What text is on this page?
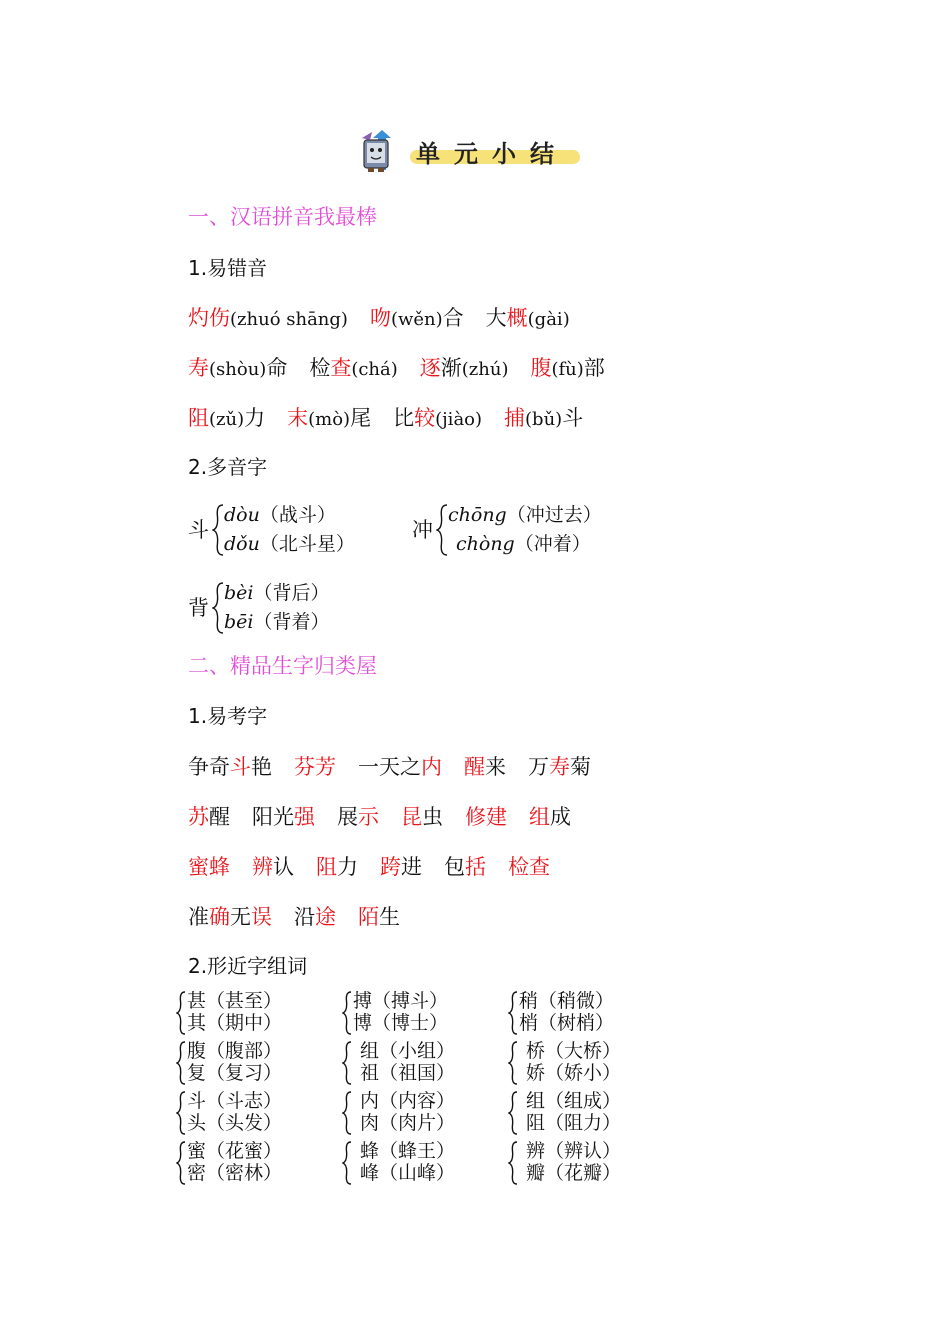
单元小结
一、汉语拼音我最棒
1.易错音
灼伤(zhuó shāng) 吻(wěn)合 大概(gài)
寿(shòu)命 检查(chá) 逐渐(zhú) 腹(fù)部
阻(zǔ)力 末(mò)尾 比较(jiào) 捕(bǔ)斗
2.多音字
斗
dòu（战斗）
dǒu（北斗星）
冲
chōng（冲过去）
chòng（冲着）
背
bèi（背后）
bēi（背着）
二、精品生字归类屋
1.易考字
争奇斗艳 芬芳 一天之内 醒来 万寿菊
苏醒 阳光强 展示 昆虫 修建 组成
蜜蜂 辨认 阻力 跨进 包括 检查
准确无误 沿途 陌生
2.形近字组词
甚（甚至）
其（期中）
搏（搏斗）
博（博士）
稍（稍微）
梢（树梢）
腹（腹部）
复（复习）
组（小组）
祖（祖国）
桥（大桥）
娇（娇小）
斗（斗志）
头（头发）
内（内容）
肉（肉片）
组（组成）
阻（阻力）
蜜（花蜜）
密（密林）
蜂（蜂王）
峰（山峰）
辨（辨认）
瓣（花瓣）
